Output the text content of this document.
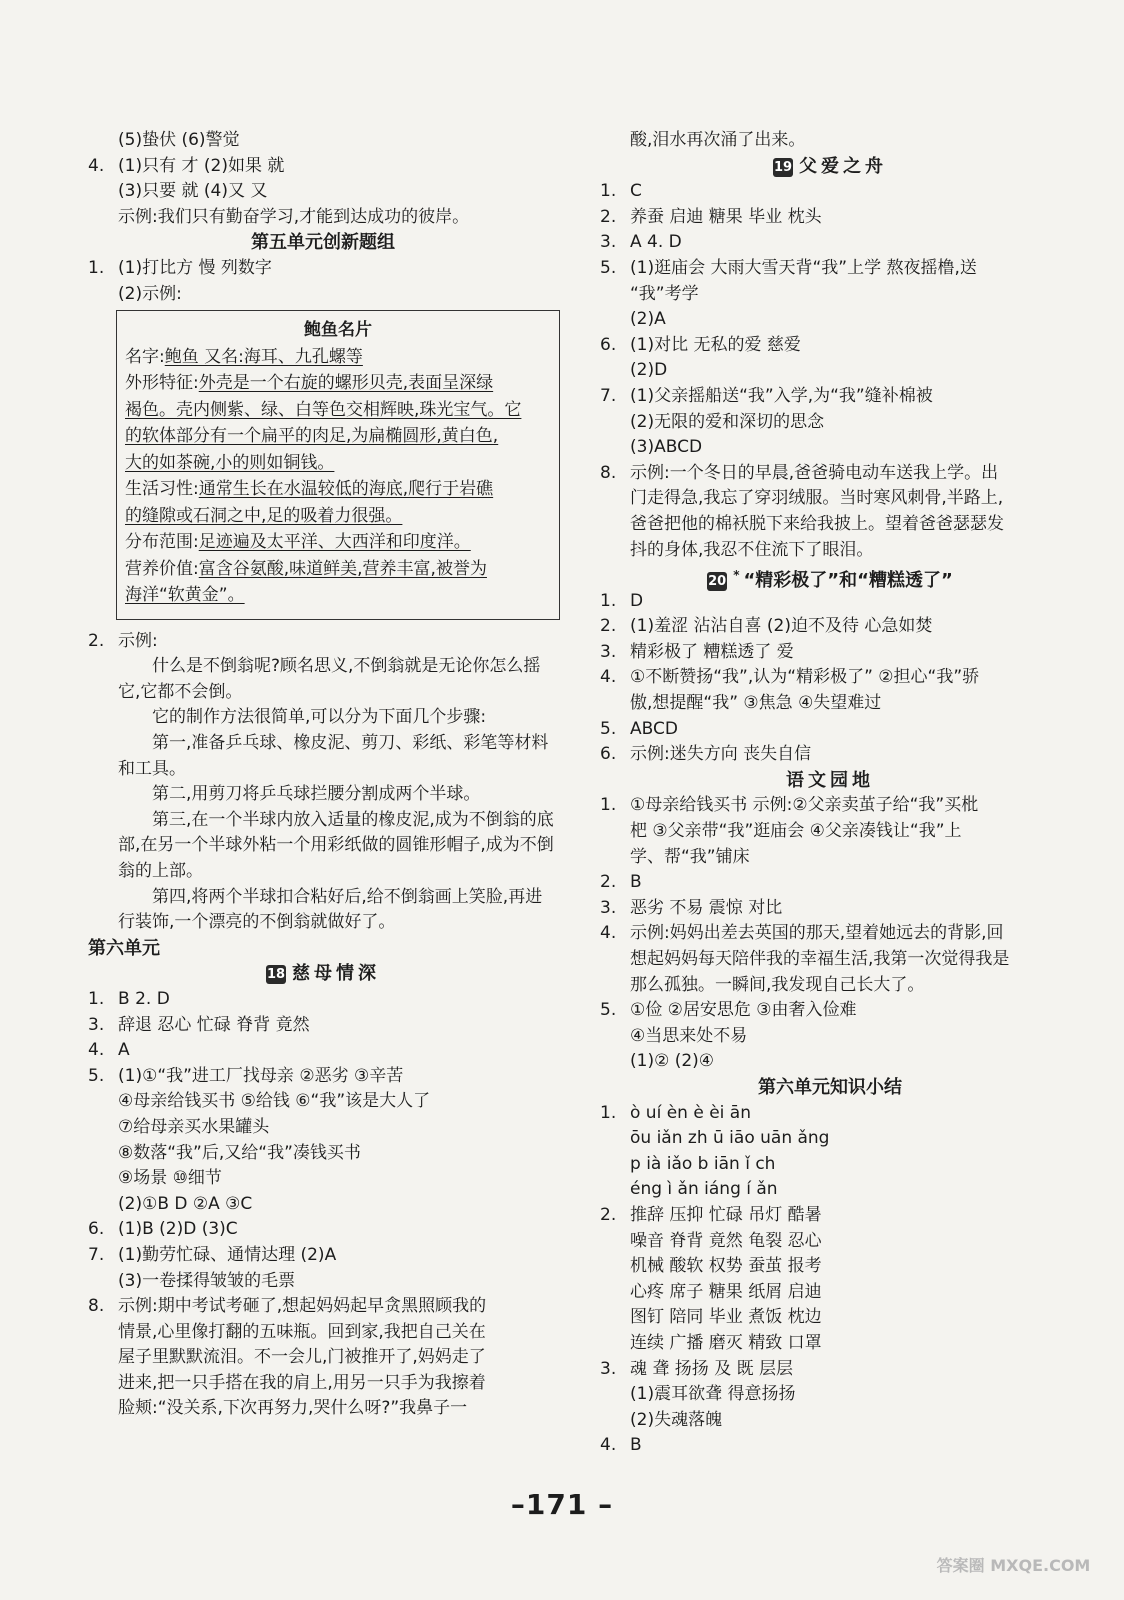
(5)蛰伏 (6)警觉
4. (1)只有 才 (2)如果 就
(3)只要 就 (4)又 又
示例:我们只有勤奋学习,才能到达成功的彼岸。
第五单元创新题组
1. (1)打比方 慢 列数字
(2)示例:
鲍鱼名片
名字:鲍鱼 又名:海耳、九孔螺等
外形特征:外壳是一个右旋的螺形贝壳,表面呈深绿
褐色。壳内侧紫、绿、白等色交相辉映,珠光宝气。它
的软体部分有一个扁平的肉足,为扁椭圆形,黄白色,
大的如茶碗,小的则如铜钱。
生活习性:通常生长在水温较低的海底,爬行于岩礁
的缝隙或石洞之中,足的吸着力很强。
分布范围:足迹遍及太平洋、大西洋和印度洋。
营养价值:富含谷氨酸,味道鲜美,营养丰富,被誉为
海洋“软黄金”。
2. 示例:
什么是不倒翁呢?顾名思义,不倒翁就是无论你怎么摇它,它都不会倒。
它的制作方法很简单,可以分为下面几个步骤:
第一,准备乒乓球、橡皮泥、剪刀、彩纸、彩笔等材料和工具。
第二,用剪刀将乒乓球拦腰分割成两个半球。
第三,在一个半球内放入适量的橡皮泥,成为不倒翁的底部,在另一个半球外粘一个用彩纸做的圆锥形帽子,成为不倒翁的上部。
第四,将两个半球扣合粘好后,给不倒翁画上笑脸,再进行装饰,一个漂亮的不倒翁就做好了。
第六单元
18 慈母情深
1. B 2. D
3. 辞退 忍心 忙碌 脊背 竟然
4. A
5. (1)①“我”进工厂找母亲 ②恶劣 ③辛苦
④母亲给钱买书 ⑤给钱 ⑥“我”该是大人了
⑦给母亲买水果罐头
⑧数落“我”后,又给“我”凑钱买书
⑨场景 ⑩细节
(2)①B D ②A ③C
6. (1)B (2)D (3)C
7. (1)勤劳忙碌、通情达理 (2)A
(3)一卷揉得皱皱的毛票
8. 示例:期中考试考砸了,想起妈妈起早贪黑照顾我的
情景,心里像打翻的五味瓶。回到家,我把自己关在
屋子里默默流泪。不一会儿,门被推开了,妈妈走了
进来,把一只手搭在我的肩上,用另一只手为我擦着
脸颊:“没关系,下次再努力,哭什么呀?”我鼻子一
酸,泪水再次涌了出来。
19 父爱之舟
1. C
2. 养蚕 启迪 糖果 毕业 枕头
3. A 4. D
5. (1)逛庙会 大雨大雪天背“我”上学 熬夜摇橹,送
“我”考学
(2)A
6. (1)对比 无私的爱 慈爱
(2)D
7. (1)父亲摇船送“我”入学,为“我”缝补棉被
(2)无限的爱和深切的思念
(3)ABCD
8. 示例:一个冬日的早晨,爸爸骑电动车送我上学。出
门走得急,我忘了穿羽绒服。当时寒风刺骨,半路上,
爸爸把他的棉袄脱下来给我披上。望着爸爸瑟瑟发
抖的身体,我忍不住流下了眼泪。
20 * “精彩极了”和“糟糕透了”
1. D
2. (1)羞涩 沾沾自喜 (2)迫不及待 心急如焚
3. 精彩极了 糟糕透了 爱
4. ①不断赞扬“我”,认为“精彩极了” ②担心“我”骄
傲,想提醒“我” ③焦急 ④失望难过
5. ABCD
6. 示例:迷失方向 丧失自信
语文园地
1. ①母亲给钱买书 示例:②父亲卖茧子给“我”买枇
杷 ③父亲带“我”逛庙会 ④父亲凑钱让“我”上
学、帮“我”铺床
2. B
3. 恶劣 不易 震惊 对比
4. 示例:妈妈出差去英国的那天,望着她远去的背影,回
想起妈妈每天陪伴我的幸福生活,我第一次觉得我是
那么孤独。一瞬间,我发现自己长大了。
5. ①俭 ②居安思危 ③由奢入俭难
④当思来处不易
(1)② (2)④
第六单元知识小结
1. ò uí èn è èi ān
ōu iǎn zh ū iāo uān ǎng
p ià iǎo b iān ǐ ch
éng ì ǎn iáng í ǎn
2. 推辞 压抑 忙碌 吊灯 酷暑
噪音 脊背 竟然 龟裂 忍心
机械 酸软 权势 蚕茧 报考
心疼 席子 糖果 纸屑 启迪
图钉 陪同 毕业 煮饭 枕边
连续 广播 磨灭 精致 口罩
3. 魂 聋 扬扬 及 既 层层
(1)震耳欲聋 得意扬扬
(2)失魂落魄
4. B
–171 –
答案圈 MXQE.COM
